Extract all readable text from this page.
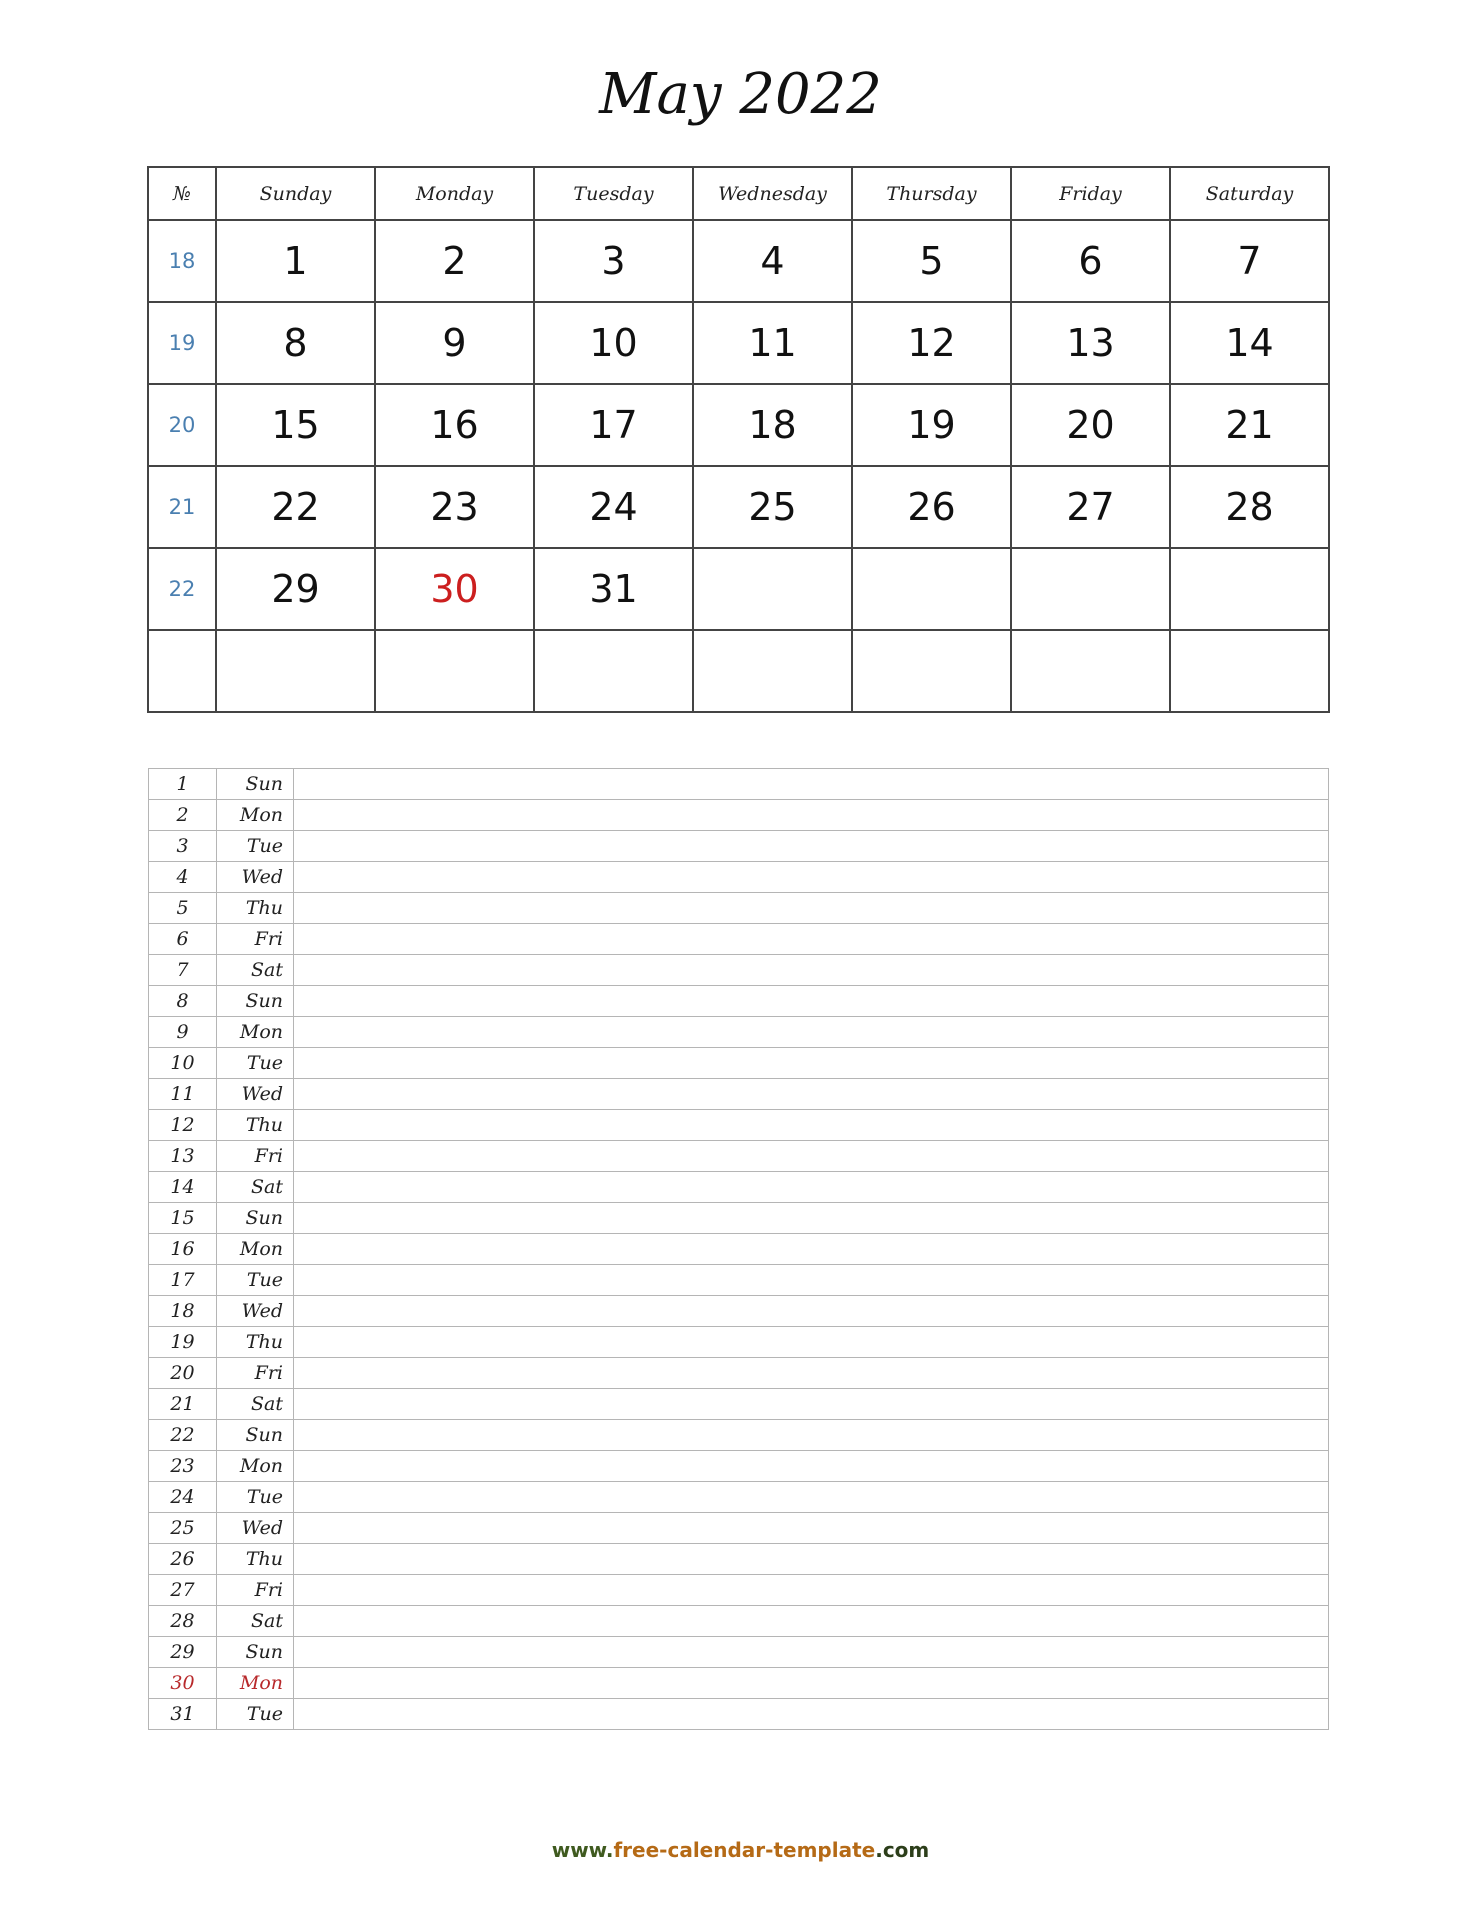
May 2022
№	Sunday	Monday	Tuesday	Wednesday	Thursday	Friday	Saturday
18	1	2	3	4	5	6	7
19	8	9	10	11	12	13	14
20	15	16	17	18	19	20	21
21	22	23	24	25	26	27	28
22	29	30	31				

1	Sun	
2	Mon	
3	Tue	
4	Wed	
5	Thu	
6	Fri	
7	Sat	
8	Sun	
9	Mon	
10	Tue	
11	Wed	
12	Thu	
13	Fri	
14	Sat	
15	Sun	
16	Mon	
17	Tue	
18	Wed	
19	Thu	
20	Fri	
21	Sat	
22	Sun	
23	Mon	
24	Tue	
25	Wed	
26	Thu	
27	Fri	
28	Sat	
29	Sun	
30	Mon	
31	Tue	
www.free-calendar-template.com
